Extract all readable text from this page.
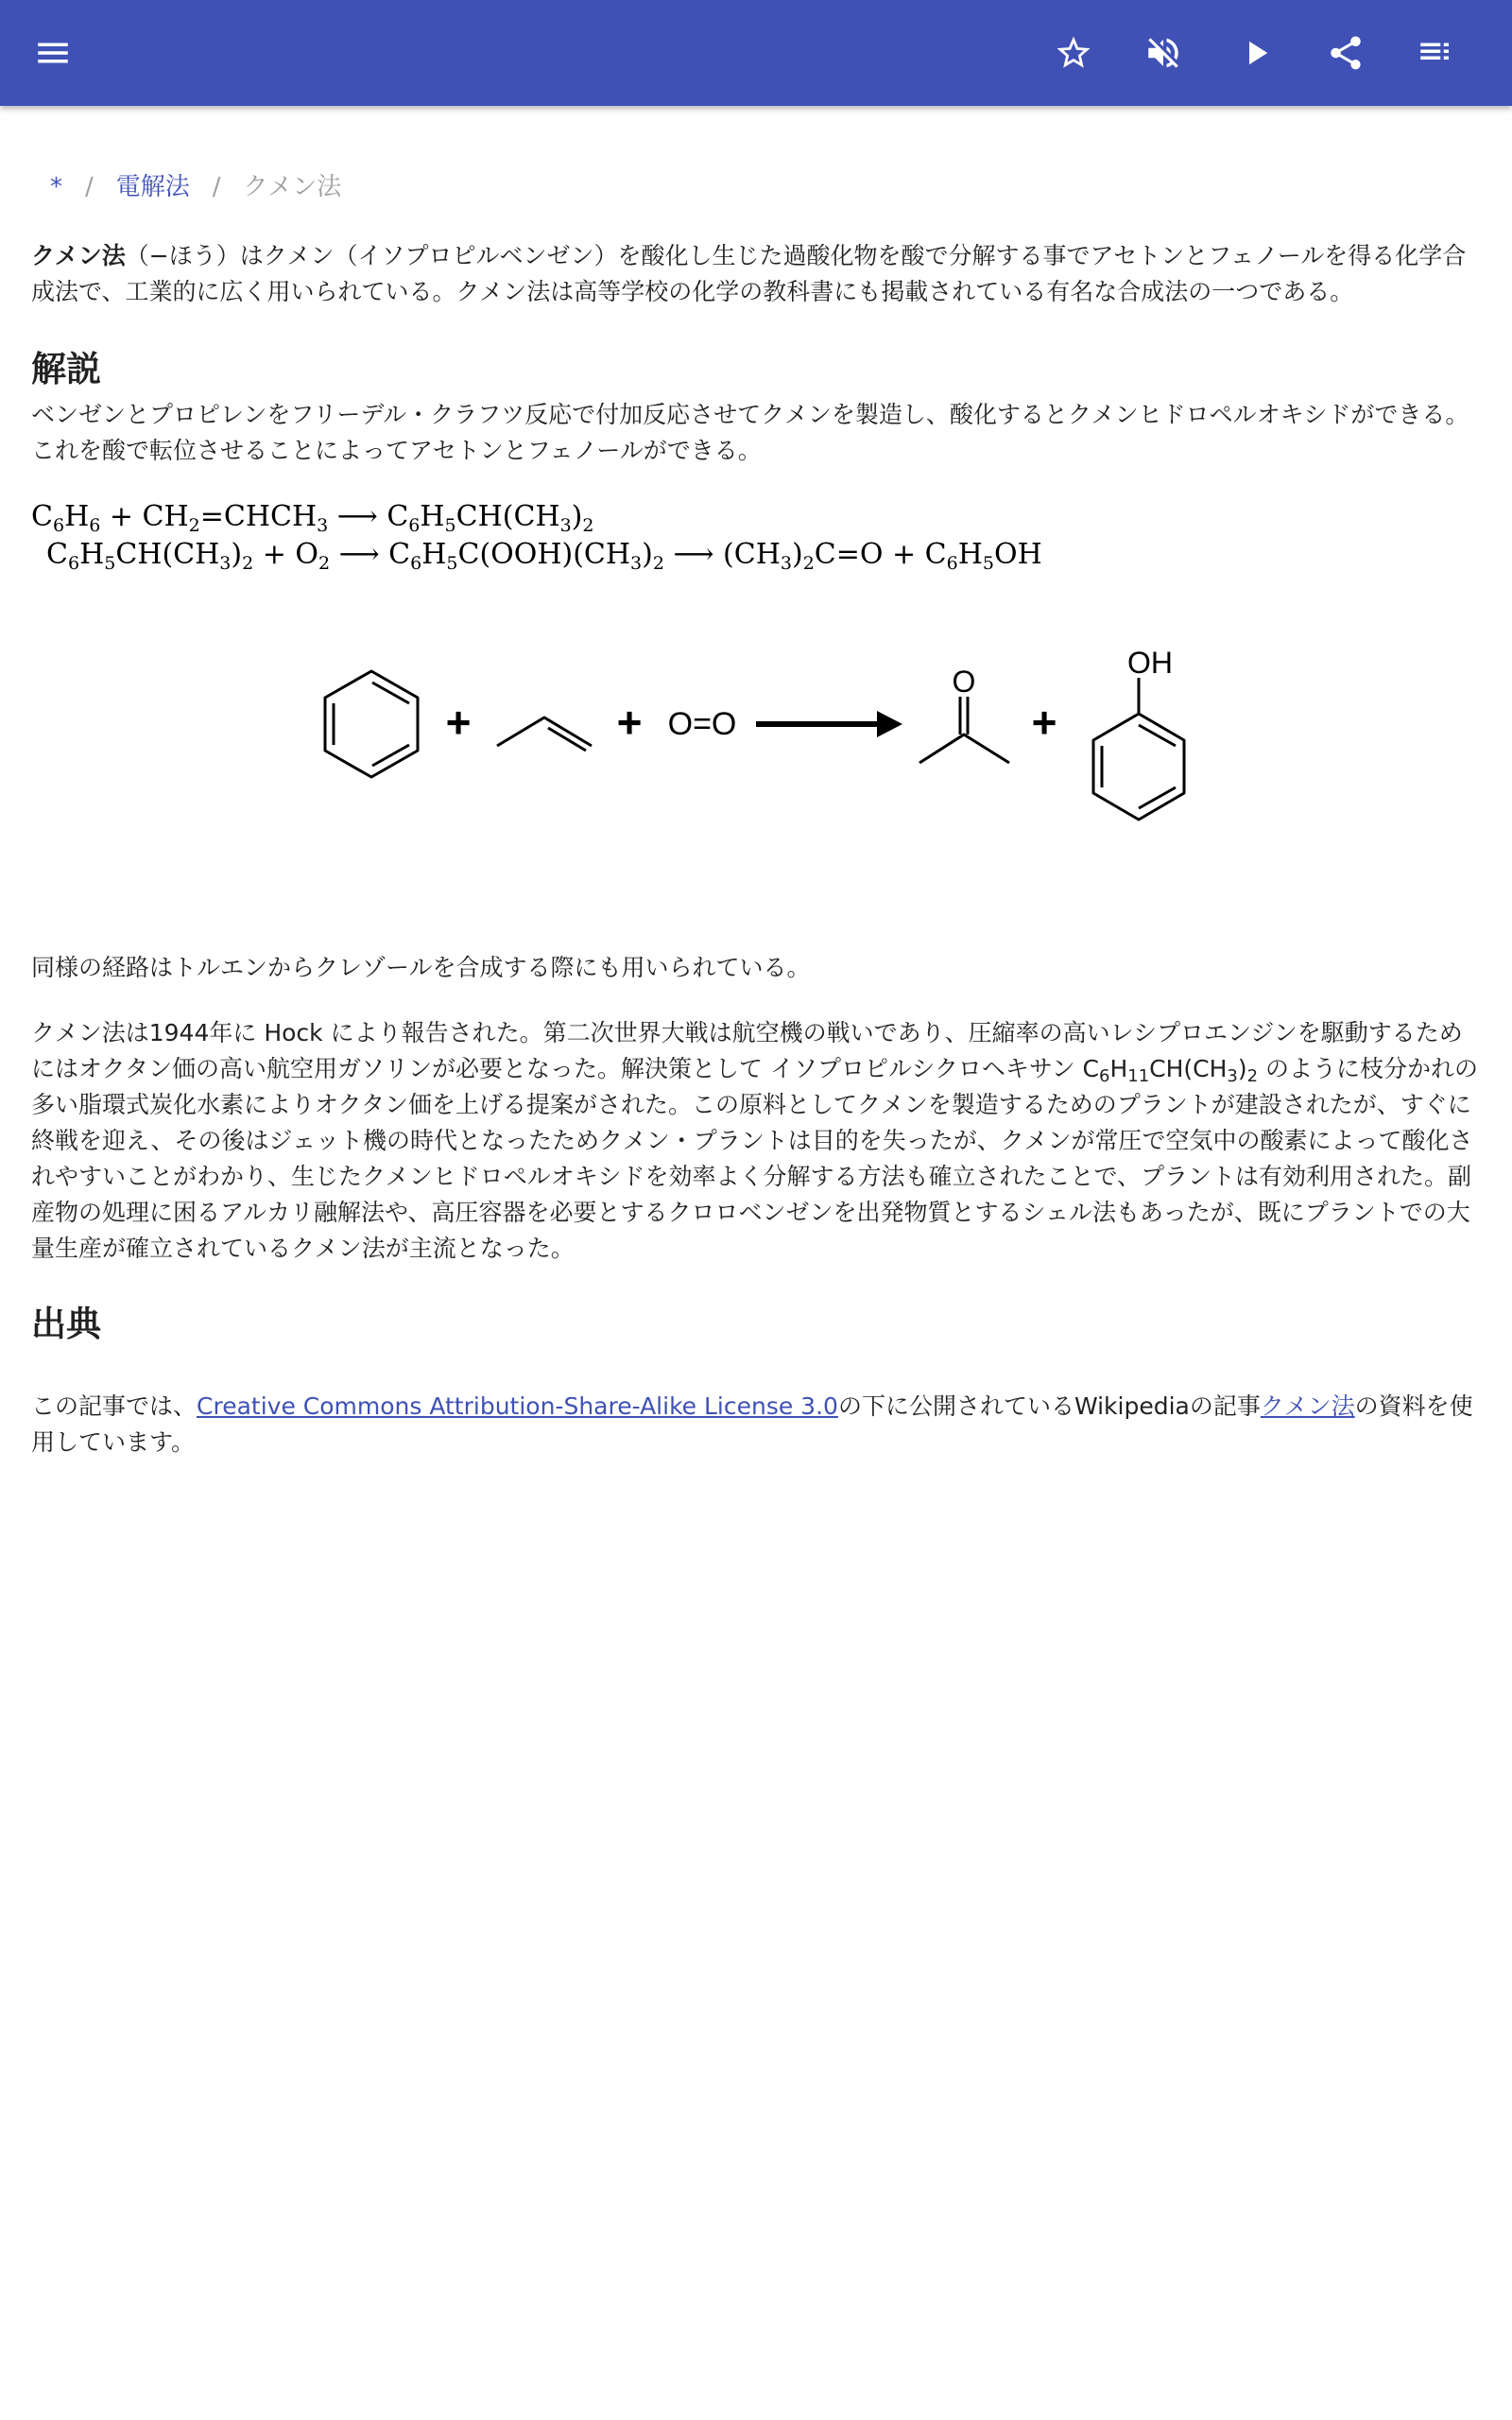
* / 電解法 / クメン法

クメン法（−ほう）はクメン（イソプロピルベンゼン）を酸化し生じた過酸化物を酸で分解する事でアセトンとフェノールを得る化学合成法で、工業的に広く用いられている。クメン法は高等学校の化学の教科書にも掲載されている有名な合成法の一つである。

解説

ベンゼンとプロピレンをフリーデル・クラフツ反応で付加反応させてクメンを製造し、酸化するとクメンヒドロペルオキシドができる。これを酸で転位させることによってアセトンとフェノールができる。

$C_6H_6$ + $CH_2=CHCH_3$ ⟶ $C_6H_5CH(CH_3)_2$
$C_6H_5CH(CH_3)_2 + O_2$ ⟶ $C_6H_5C(OOH)(CH_3)_2$ ⟶ $(CH_3)_2C=O + C_6H_5OH$
+	+ O=O
O
+
OH

同様の経路はトルエンからクレゾールを合成する際にも用いられている。

クメン法は1944年に Hock により報告された。第二次世界大戦は航空機の戦いであり、圧縮率の高いレシプロエンジンを駆動するためにはオクタン価の高い航空用ガソリンが必要となった。解決策として イソプロピルシクロヘキサン $C_6H_{11}CH(CH_3)_2$ のように枝分かれの多い脂環式炭化水素によりオクタン価を上げる提案がされた。この原料としてクメンを製造するためのプラントが建設されたが、すぐに終戦を迎え、その後はジェット機の時代となったためクメン・プラントは目的を失ったが、クメンが常圧で空気中の酸素によって酸化されやすいことがわかり、生じたクメンヒドロペルオキシドを効率よく分解する方法も確立されたことで、プラントは有効利用された。副産物の処理に困るアルカリ融解法や、高圧容器を必要とするクロロベンゼンを出発物質とするシェル法もあったが、既にプラントでの大量生産が確立されているクメン法が主流となった。

出典

この記事では、Creative Commons Attribution-Share-Alike License 3.0の下に公開されているWikipediaの記事クメン法の資料を使用しています。
